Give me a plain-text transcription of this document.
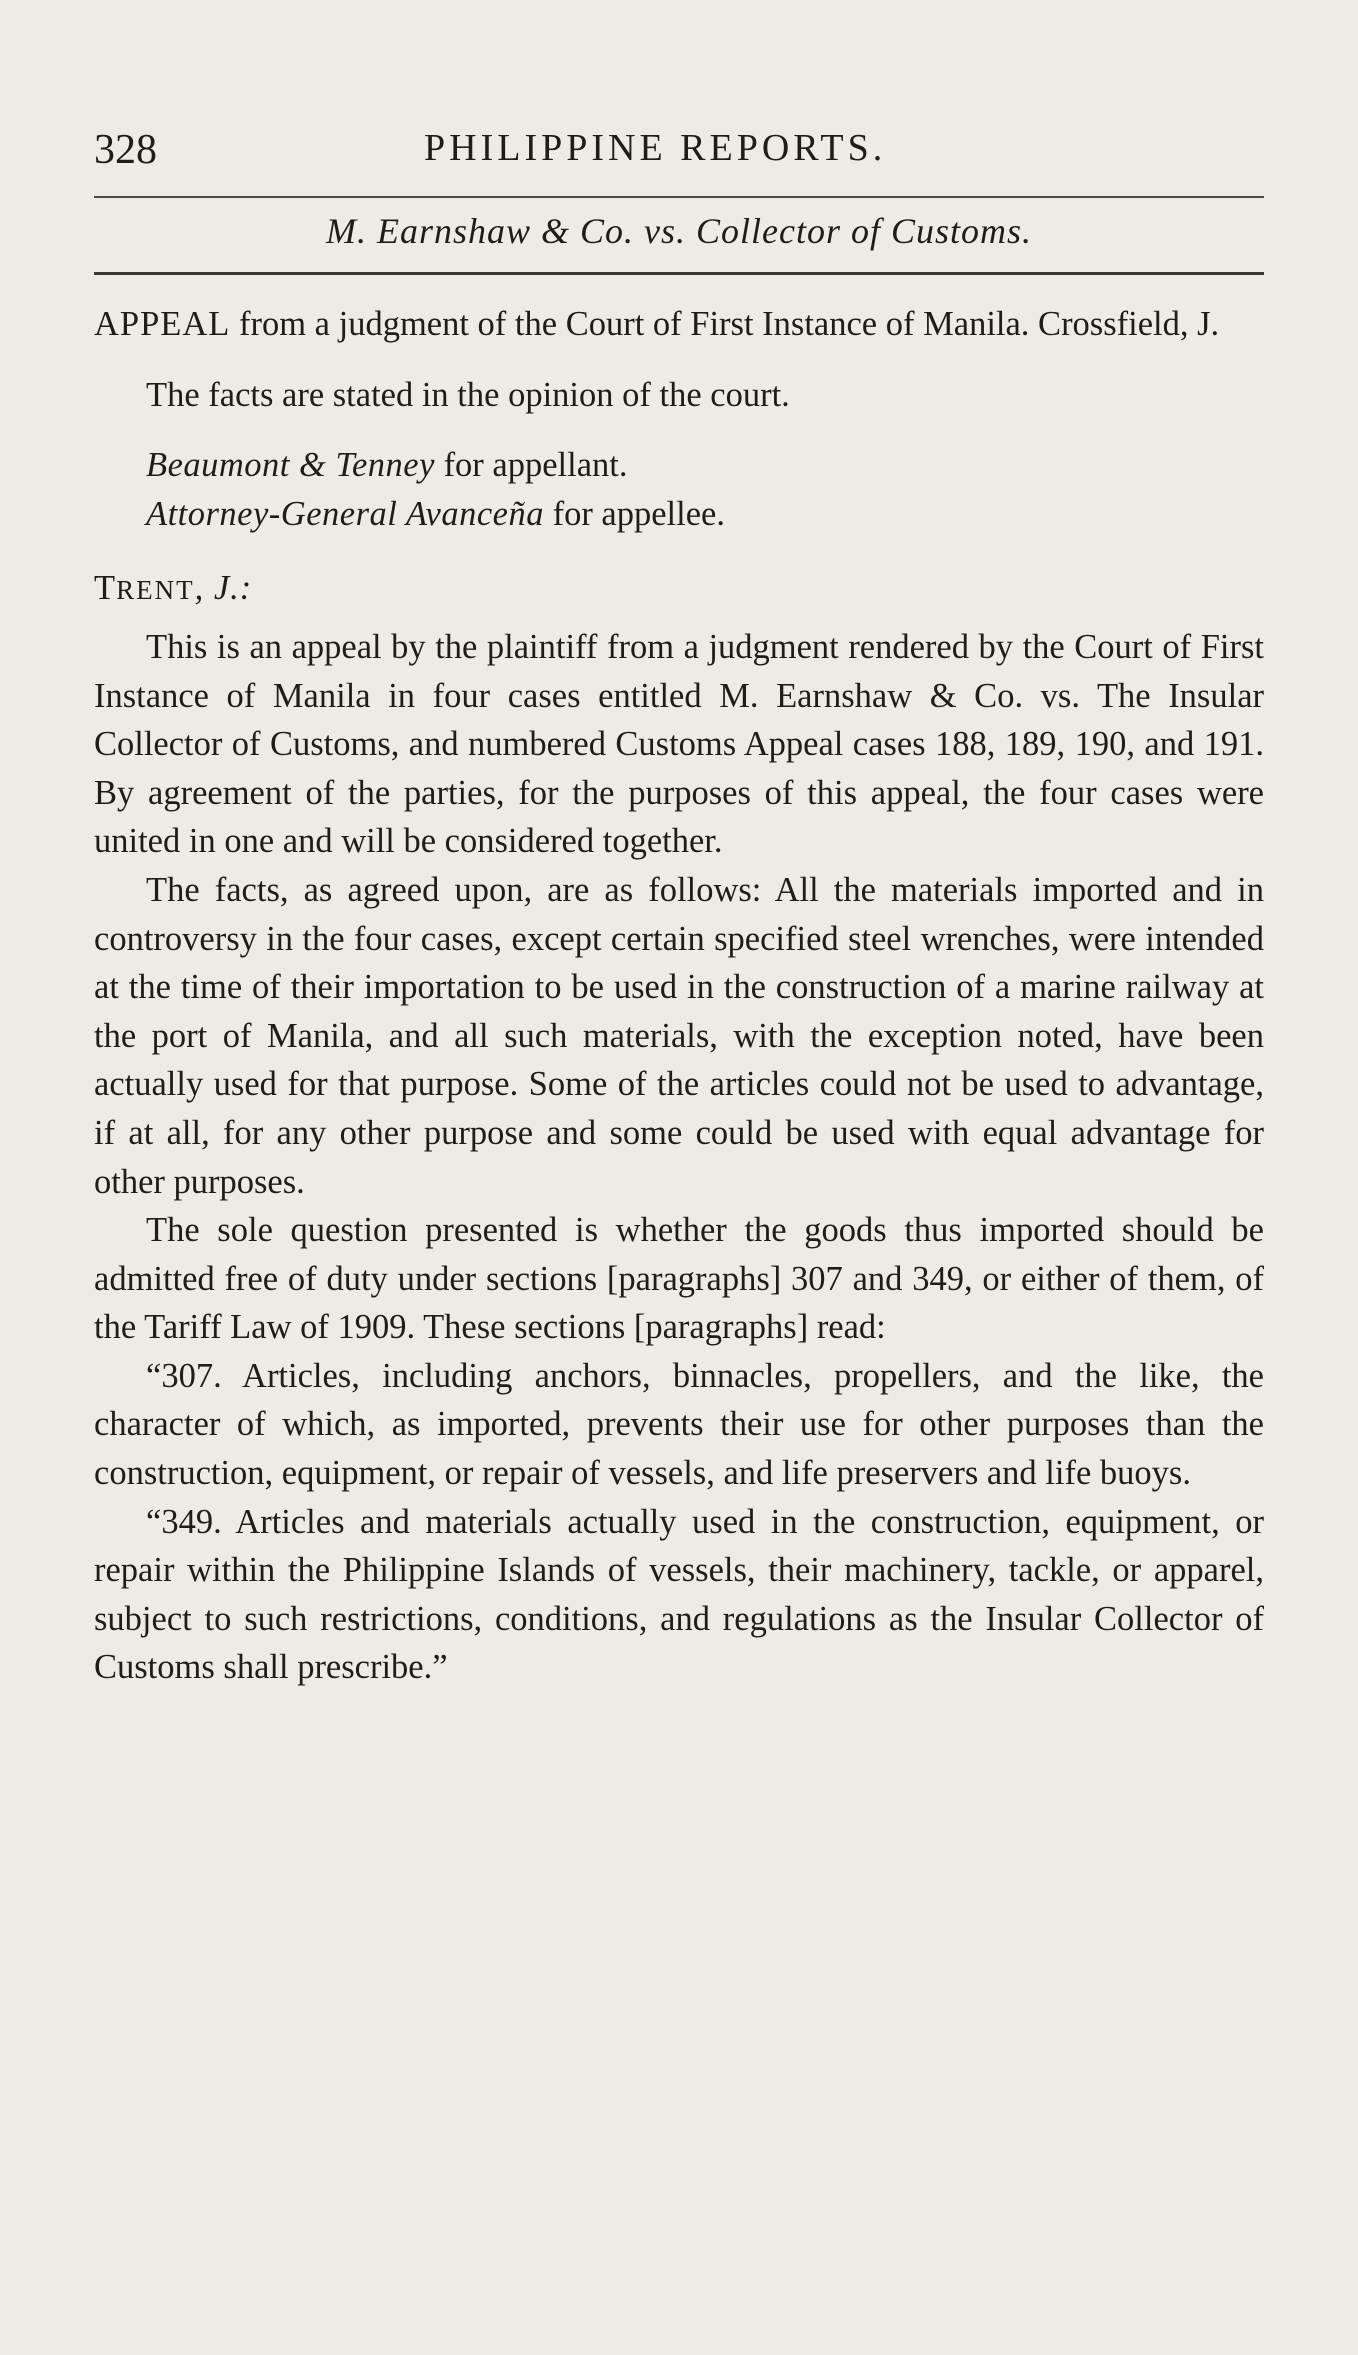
328	PHILIPPINE REPORTS.
M. Earnshaw & Co. vs. Collector of Customs.

APPEAL from a judgment of the Court of First Instance of Manila. Crossfield, J.

The facts are stated in the opinion of the court.

Beaumont & Tenney for appellant.

Attorney-General Avanceña for appellee.

TRENT, J.:

This is an appeal by the plaintiff from a judgment rendered by the Court of First Instance of Manila in four cases entitled M. Earnshaw & Co. vs. The Insular Collector of Customs, and numbered Customs Appeal cases 188, 189, 190, and 191. By agreement of the parties, for the purposes of this appeal, the four cases were united in one and will be considered together.

The facts, as agreed upon, are as follows: All the materials imported and in controversy in the four cases, except certain specified steel wrenches, were intended at the time of their importation to be used in the construction of a marine railway at the port of Manila, and all such materials, with the exception noted, have been actually used for that purpose. Some of the articles could not be used to advantage, if at all, for any other purpose and some could be used with equal advantage for other purposes.

The sole question presented is whether the goods thus imported should be admitted free of duty under sections [paragraphs] 307 and 349, or either of them, of the Tariff Law of 1909. These sections [paragraphs] read:

“307. Articles, including anchors, binnacles, propellers, and the like, the character of which, as imported, prevents their use for other purposes than the construction, equipment, or repair of vessels, and life preservers and life buoys.

“349. Articles and materials actually used in the construction, equipment, or repair within the Philippine Islands of vessels, their machinery, tackle, or apparel, subject to such restrictions, conditions, and regulations as the Insular Collector of Customs shall prescribe.”
